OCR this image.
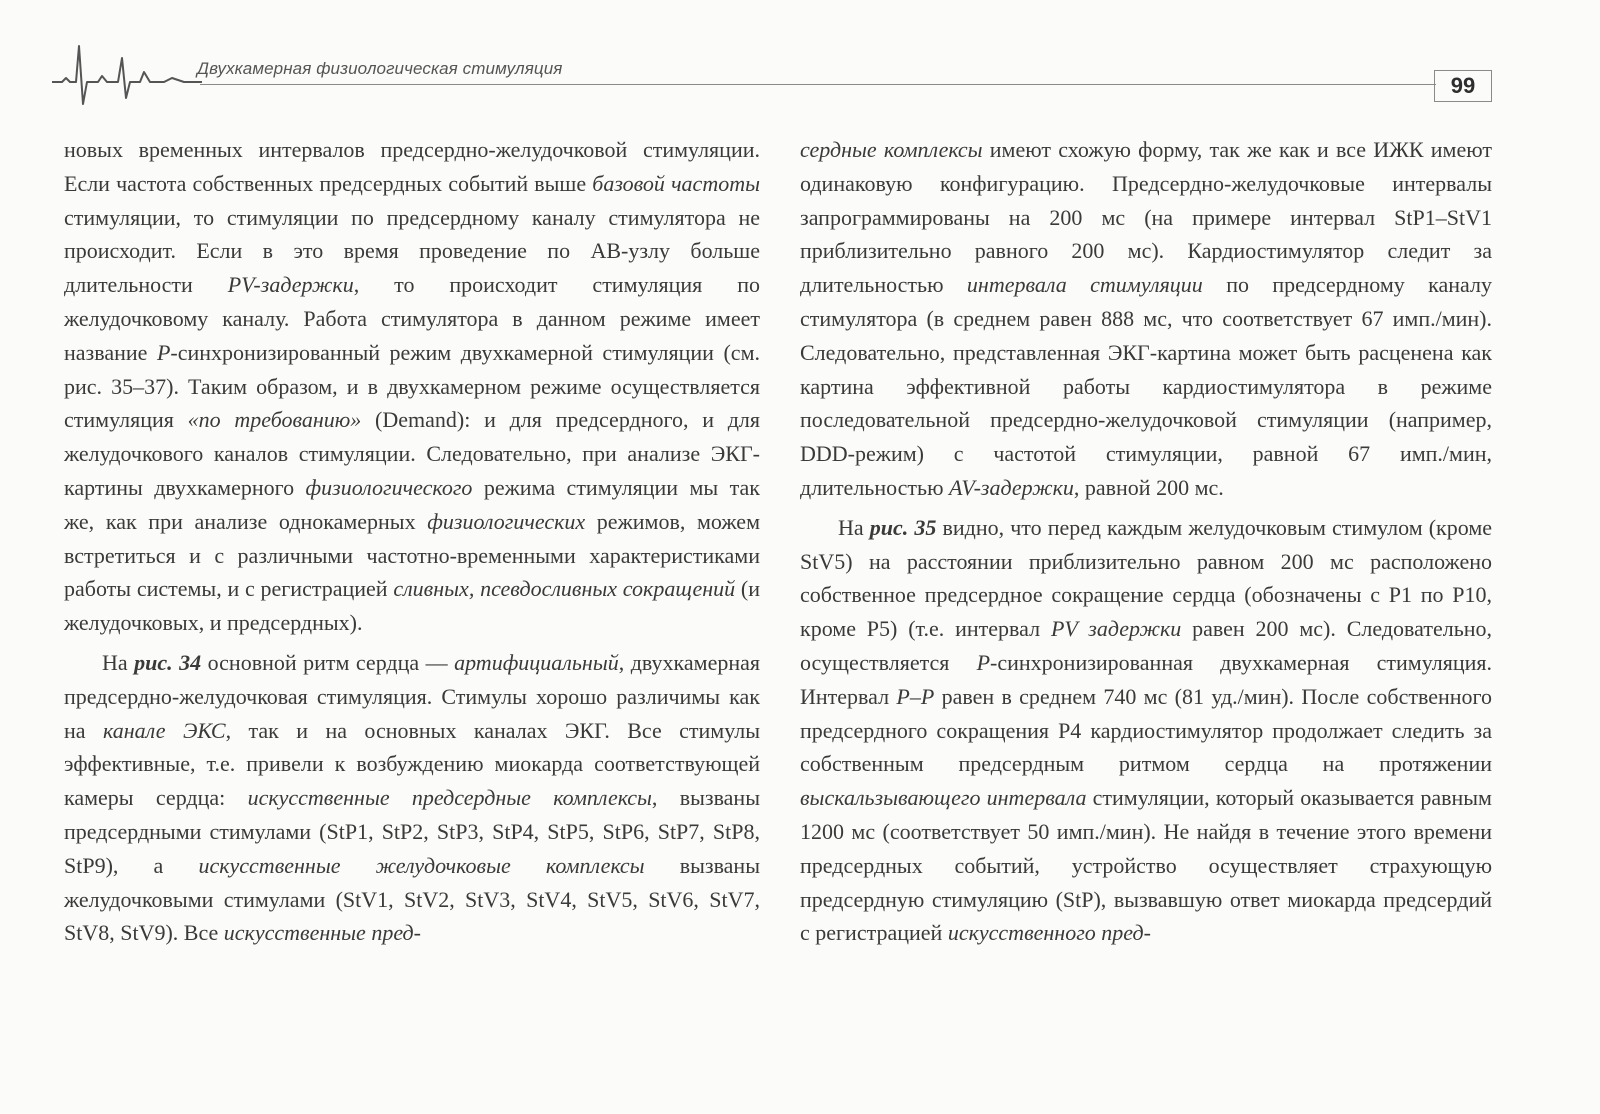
Двухкамерная физиологическая стимуляция
99

новых временных интервалов предсердно-желудочковой стимуляции. Если частота собственных предсердных событий выше базовой частоты стимуляции, то стимуляции по предсердному каналу стимулятора не происходит. Если в это время проведение по АВ-узлу больше длительности PV-задержки, то происходит стимуляция по желудочковому каналу. Работа стимулятора в данном режиме имеет название Р-синхронизированный режим двухкамерной стимуляции (см. рис. 35–37). Таким образом, и в двухкамерном режиме осуществляется стимуляция «по требованию» (Demand): и для предсердного, и для желудочкового каналов стимуляции. Следовательно, при анализе ЭКГ-картины двухкамерного физиологического режима стимуляции мы так же, как при анализе однокамерных физиологических режимов, можем встретиться и с различными частотно-временными характеристиками работы системы, и с регистрацией сливных, псевдосливных сокращений (и желудочковых, и предсердных).

На рис. 34 основной ритм сердца — артифициальный, двухкамерная предсердно-желудочковая стимуляция. Стимулы хорошо различимы как на канале ЭКС, так и на основных каналах ЭКГ. Все стимулы эффективные, т.е. привели к возбуждению миокарда соответствующей камеры сердца: искусственные предсердные комплексы, вызваны предсердными стимулами (StP1, StP2, StP3, StP4, StP5, StP6, StP7, StP8, StP9), а искусственные желудочковые комплексы вызваны желудочковыми стимулами (StV1, StV2, StV3, StV4, StV5, StV6, StV7, StV8, StV9). Все искусственные пред-

сердные комплексы имеют схожую форму, так же как и все ИЖК имеют одинаковую конфигурацию. Предсердно-желудочковые интервалы запрограммированы на 200 мс (на примере интервал StP1–StV1 приблизительно равного 200 мс). Кардиостимулятор следит за длительностью интервала стимуляции по предсердному каналу стимулятора (в среднем равен 888 мс, что соответствует 67 имп./мин). Следовательно, представленная ЭКГ-картина может быть расценена как картина эффективной работы кардиостимулятора в режиме последовательной предсердно-желудочковой стимуляции (например, DDD-режим) с частотой стимуляции, равной 67 имп./мин, длительностью AV-задержки, равной 200 мс.

На рис. 35 видно, что перед каждым желудочковым стимулом (кроме StV5) на расстоянии приблизительно равном 200 мс расположено собственное предсердное сокращение сердца (обозначены с Р1 по Р10, кроме Р5) (т.е. интервал PV задержки равен 200 мс). Следовательно, осуществляется Р-синхронизированная двухкамерная стимуляция. Интервал Р–Р равен в среднем 740 мс (81 уд./мин). После собственного предсердного сокращения Р4 кардиостимулятор продолжает следить за собственным предсердным ритмом сердца на протяжении выскальзывающего интервала стимуляции, который оказывается равным 1200 мс (соответствует 50 имп./мин). Не найдя в течение этого времени предсердных событий, устройство осуществляет страхующую предсердную стимуляцию (StP), вызвавшую ответ миокарда предсердий с регистрацией искусственного пред-
